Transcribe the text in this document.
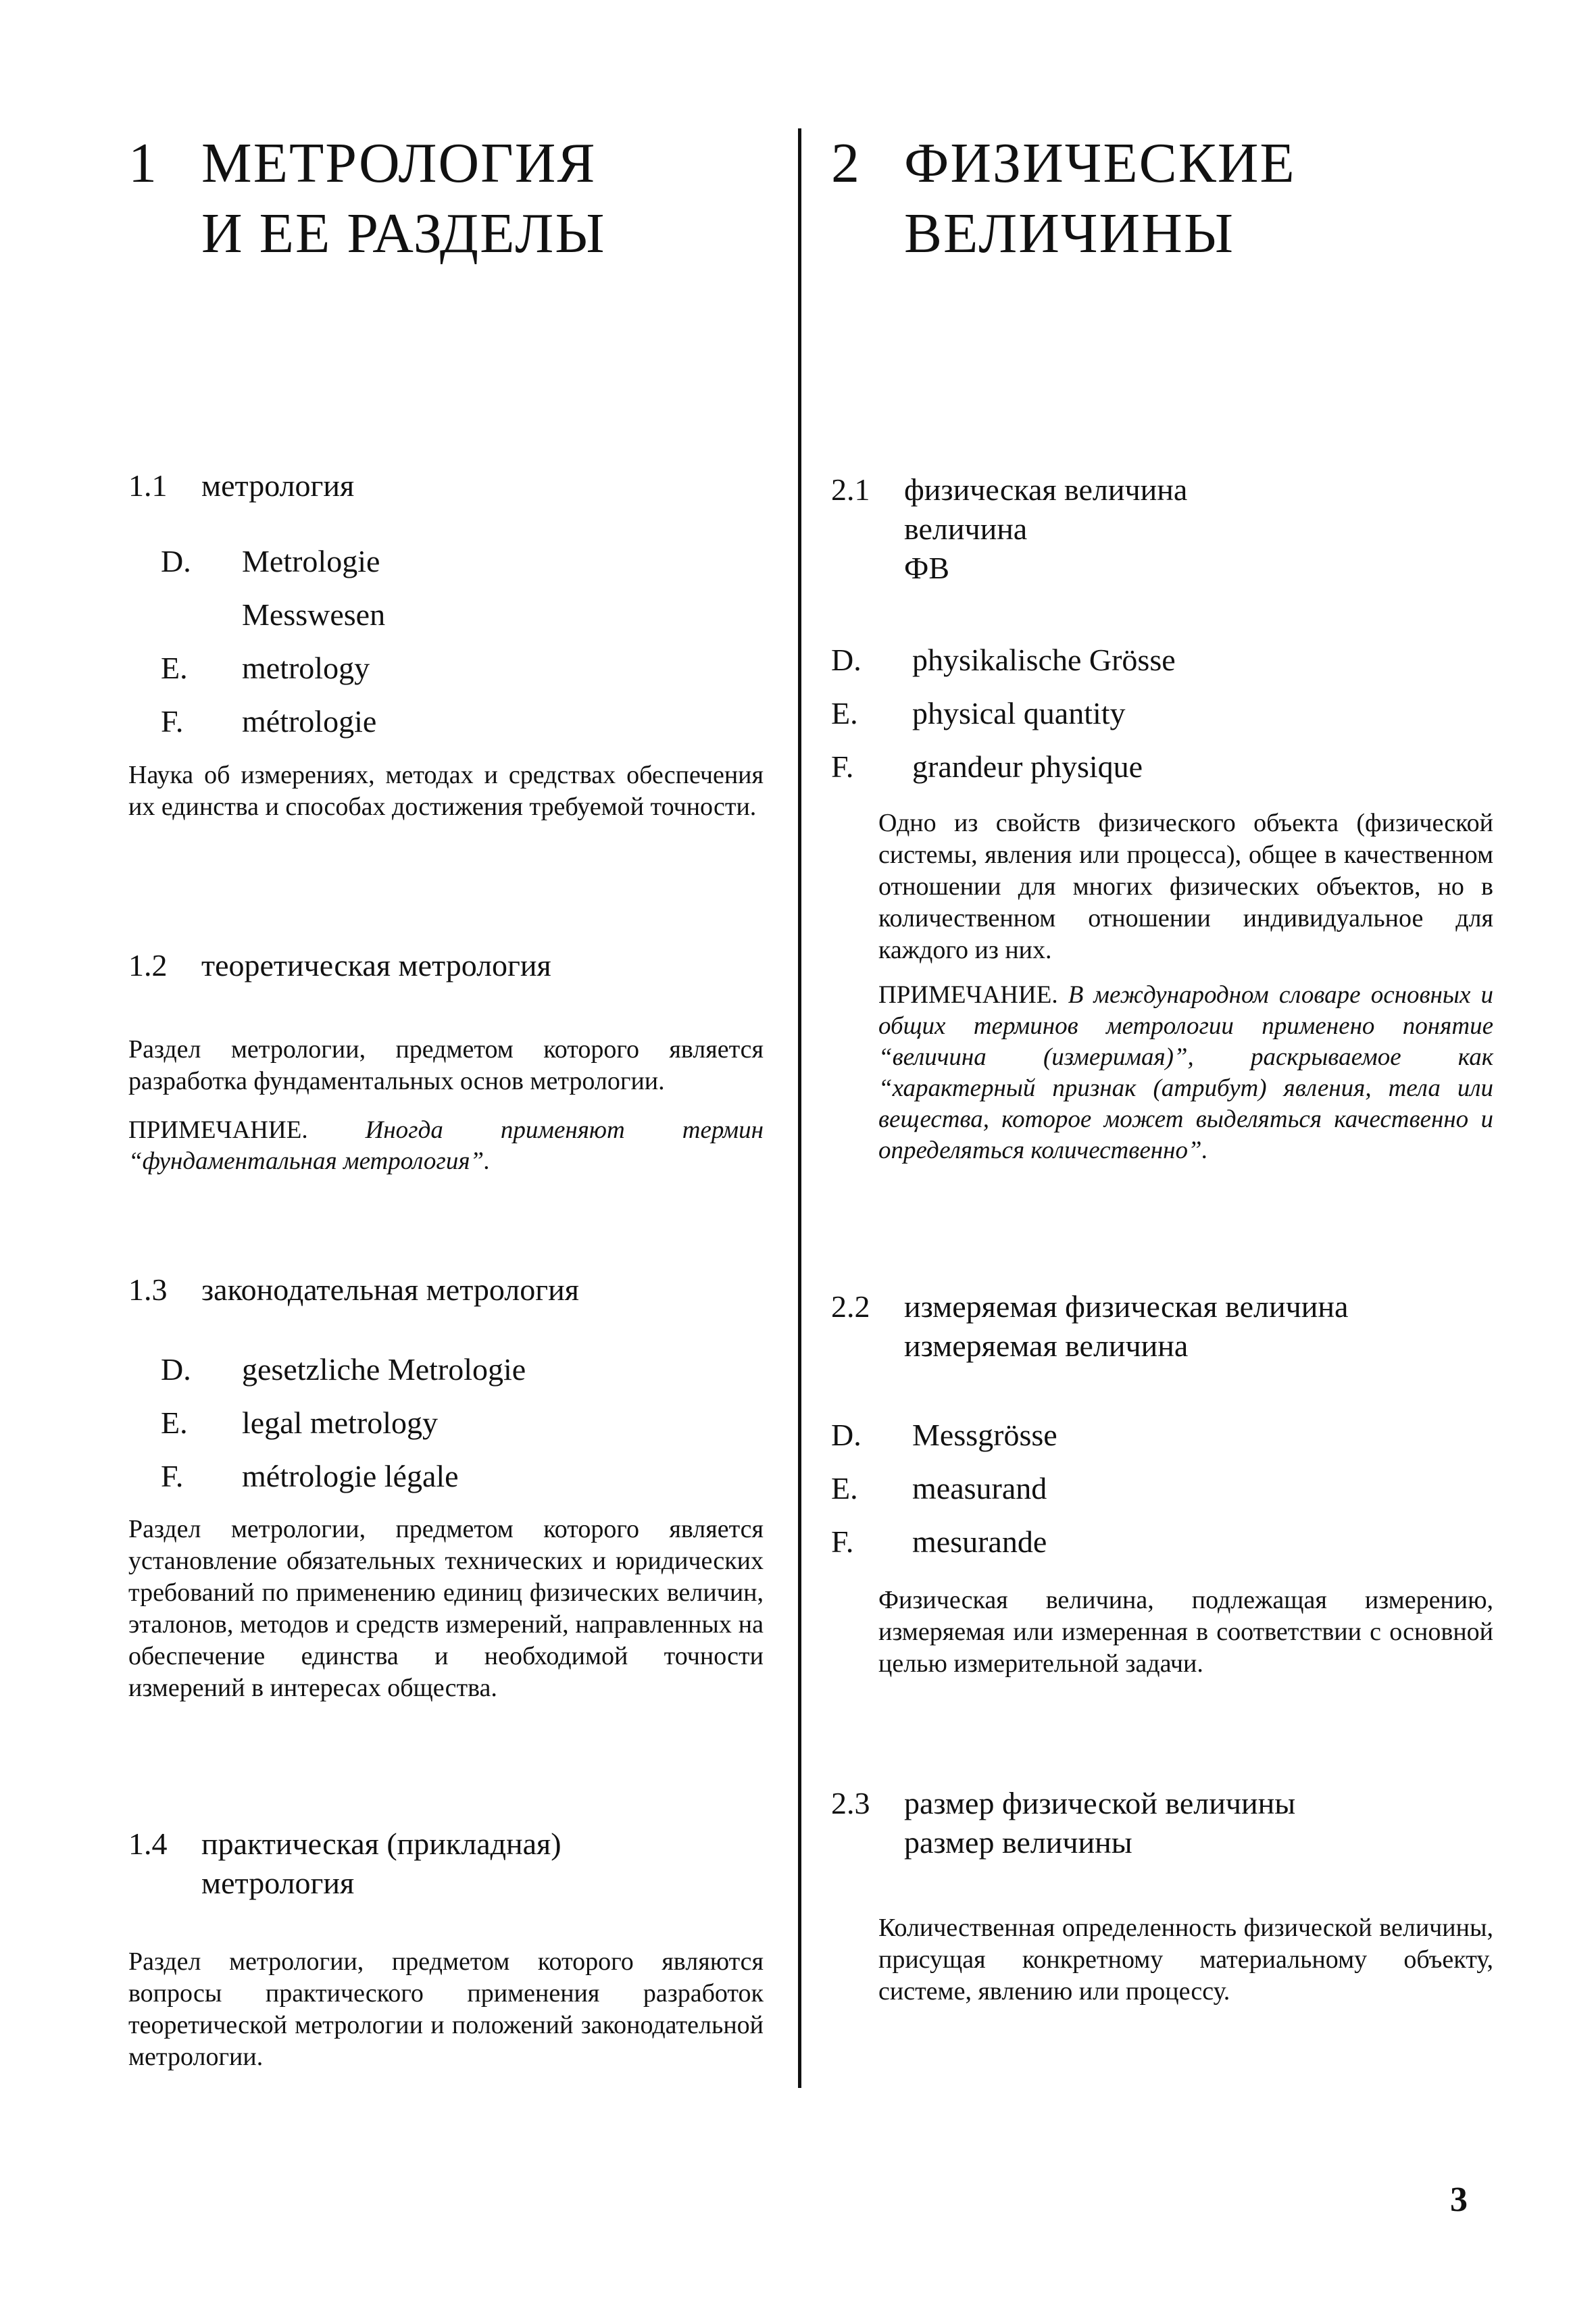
1 МЕТРОЛОГИЯ
И ЕЕ РАЗДЕЛЫ
1.1 метрология
D.	Metrologie
Messwesen
E.	metrology
F.	métrologie
Наука об измерениях, методах и средствах обеспечения их единства и способах достижения требуемой точности.
1.2 теоретическая метрология
Раздел метрологии, предметом которого является разработка фундаментальных основ метрологии.
ПРИМЕЧАНИЕ. Иногда применяют термин “фундаментальная метрология”.
1.3 законодательная метрология
D.	gesetzliche Metrologie
E.	legal metrology
F.	métrologie légale
Раздел метрологии, предметом которого является установление обязательных технических и юридических требований по применению единиц физических величин, эталонов, методов и средств измерений, направленных на обеспечение единства и необходимой точности измерений в интересах общества.
1.4 практическая (прикладная)
метрология
Раздел метрологии, предметом которого являются вопросы практического применения разработок теоретической метрологии и положений законодательной метрологии.
2 ФИЗИЧЕСКИЕ
ВЕЛИЧИНЫ
2.1 физическая величина
величина
ФВ
D.	physikalische Grösse
E.	physical quantity
F.	grandeur physique
Одно из свойств физического объекта (физической системы, явления или процесса), общее в качественном отношении для многих физических объектов, но в количественном отношении индивидуальное для каждого из них.
ПРИМЕЧАНИЕ. В международном словаре основных и общих терминов метрологии применено понятие “величина (измеримая)”, раскрываемое как “характерный признак (атрибут) явления, тела или вещества, которое может выделяться качественно и определяться количественно”.
2.2 измеряемая физическая величина
измеряемая величина
D.	Messgrösse
E.	measurand
F.	mesurande
Физическая величина, подлежащая измерению, измеряемая или измеренная в соответствии с основной целью измерительной задачи.
2.3 размер физической величины
размер величины
Количественная определенность физической величины, присущая конкретному материальному объекту, системе, явлению или процессу.
3
